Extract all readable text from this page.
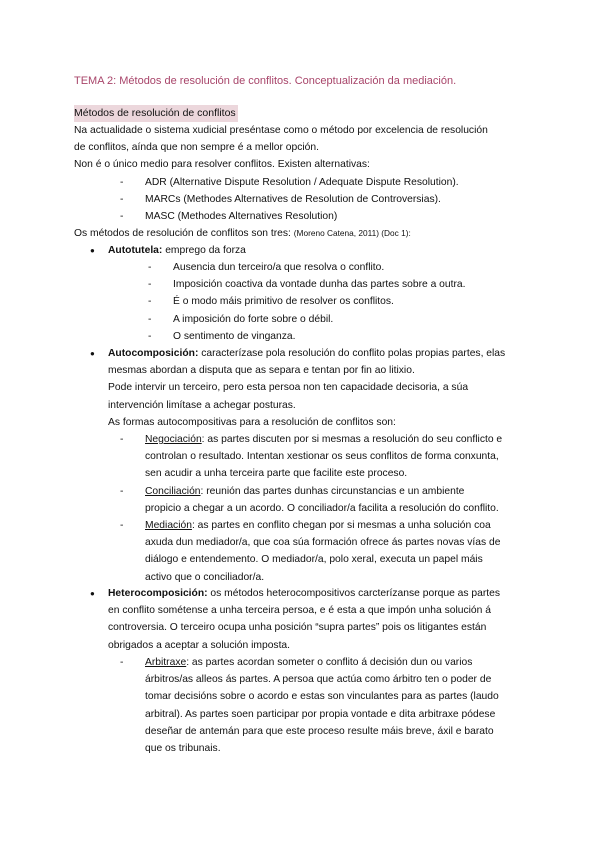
TEMA 2: Métodos de resolución de conflitos. Conceptualización da mediación.
Métodos de resolución de conflitos

Na actualidade o sistema xudicial preséntase como o método por excelencia de resolución

de conflitos, aínda que non sempre é a mellor opción.

Non é o único medio para resolver conflitos. Existen alternativas:

- ADR (Alternative Dispute Resolution / Adequate Dispute Resolution).
- MARCs (Methodes Alternatives de Resolution de Controversias).
- MASC (Methodes Alternatives Resolution)
Os métodos de resolución de conflitos son tres: (Moreno Catena, 2011) (Doc 1):
Autotutela: emprego da forza
- Ausencia dun terceiro/a que resolva o conflito.
- Imposición coactiva da vontade dunha das partes sobre a outra.
- É o modo máis primitivo de resolver os conflitos.
- A imposición do forte sobre o débil.
- O sentimento de vinganza.
Autocomposición: caracterízase pola resolución do conflito polas propias partes, elas
mesmas abordan a disputa que as separa e tentan por fin ao litixio.
Pode intervir un terceiro, pero esta persoa non ten capacidade decisoria, a súa
intervención limítase a achegar posturas.
As formas autocompositivas para a resolución de conflitos son:
- Negociación: as partes discuten por si mesmas a resolución do seu conflicto e
controlan o resultado. Intentan xestionar os seus conflitos de forma conxunta,
sen acudir a unha terceira parte que facilite este proceso.
- Conciliación: reunión das partes dunhas circunstancias e un ambiente
propicio a chegar a un acordo. O conciliador/a facilita a resolución do conflito.
- Mediación: as partes en conflito chegan por si mesmas a unha solución coa
axuda dun mediador/a, que coa súa formación ofrece ás partes novas vías de
diálogo e entendemento. O mediador/a, polo xeral, executa un papel máis
activo que o conciliador/a.
Heterocomposición: os métodos heterocompositivos carcterízanse porque as partes
en conflito sométense a unha terceira persoa, e é esta a que impón unha solución á
controversia. O terceiro ocupa unha posición “supra partes” pois os litigantes están
obrigados a aceptar a solución imposta.
- Arbitraxe: as partes acordan someter o conflito á decisión dun ou varios
árbitros/as alleos ás partes. A persoa que actúa como árbitro ten o poder de
tomar decisións sobre o acordo e estas son vinculantes para as partes (laudo
arbitral). As partes soen participar por propia vontade e dita arbitraxe pódese
deseñar de antemán para que este proceso resulte máis breve, áxil e barato
que os tribunais.
